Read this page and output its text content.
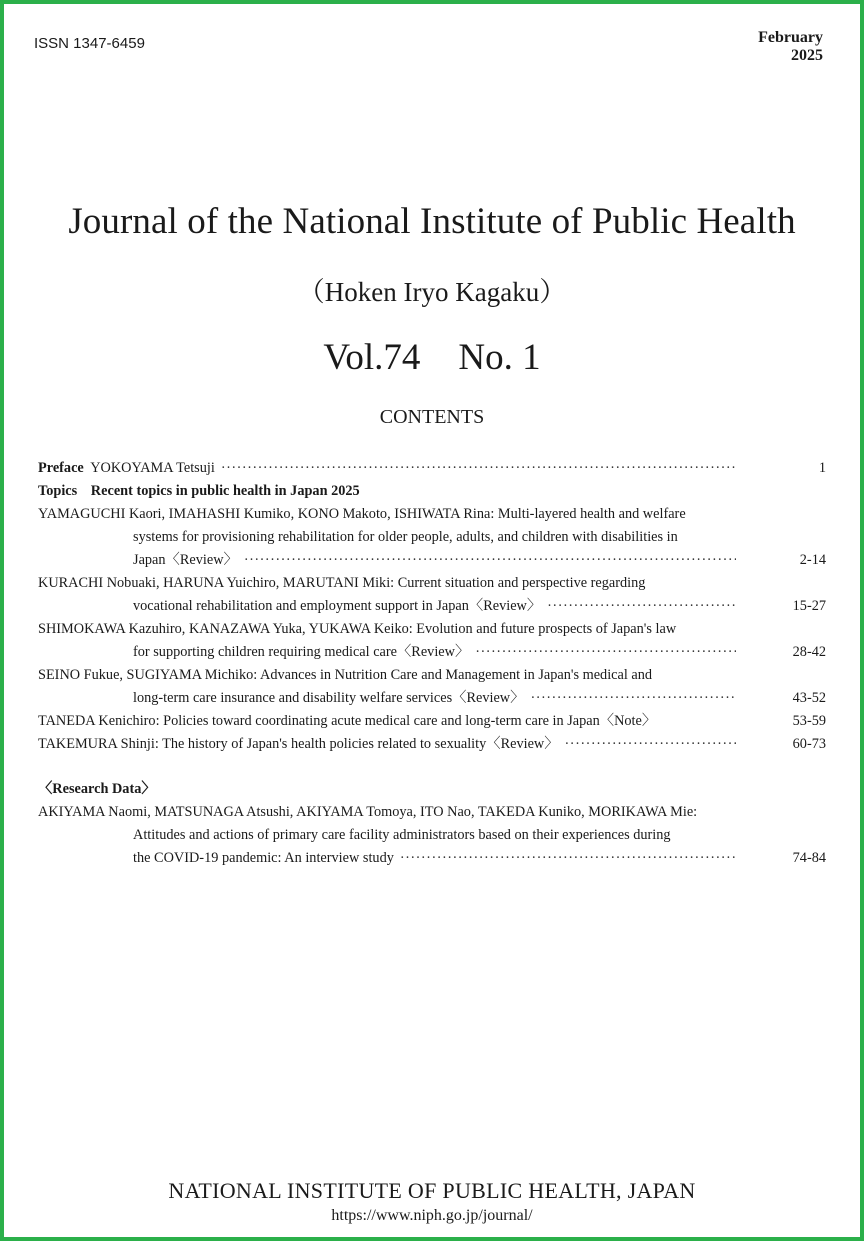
ISSN 1347-6459	February
2025
Journal of the National Institute of Public Health
（Hoken Iryo Kagaku）
Vol.74 No. 1
CONTENTS
Preface YOKOYAMA Tetsuji ·····	1
Topics Recent topics in public health in Japan 2025
YAMAGUCHI Kaori, IMAHASHI Kumiko, KONO Makoto, ISHIWATA Rina: Multi-layered health and welfare
systems for provisioning rehabilitation for older people, adults, and children with disabilities in
Japan〈Review〉 ·····	2-14
KURACHI Nobuaki, HARUNA Yuichiro, MARUTANI Miki: Current situation and perspective regarding
vocational rehabilitation and employment support in Japan〈Review〉 ·····	15-27
SHIMOKAWA Kazuhiro, KANAZAWA Yuka, YUKAWA Keiko: Evolution and future prospects of Japan's law
for supporting children requiring medical care〈Review〉 ·····	28-42
SEINO Fukue, SUGIYAMA Michiko: Advances in Nutrition Care and Management in Japan's medical and
long-term care insurance and disability welfare services〈Review〉 ·····	43-52
TANEDA Kenichiro: Policies toward coordinating acute medical care and long-term care in Japan〈Note〉	53-59
TAKEMURA Shinji: The history of Japan's health policies related to sexuality〈Review〉 ·····	60-73
〈Research Data〉
AKIYAMA Naomi, MATSUNAGA Atsushi, AKIYAMA Tomoya, ITO Nao, TAKEDA Kuniko, MORIKAWA Mie:
Attitudes and actions of primary care facility administrators based on their experiences during
the COVID-19 pandemic: An interview study ·····	74-84
NATIONAL INSTITUTE OF PUBLIC HEALTH, JAPAN
https://www.niph.go.jp/journal/
